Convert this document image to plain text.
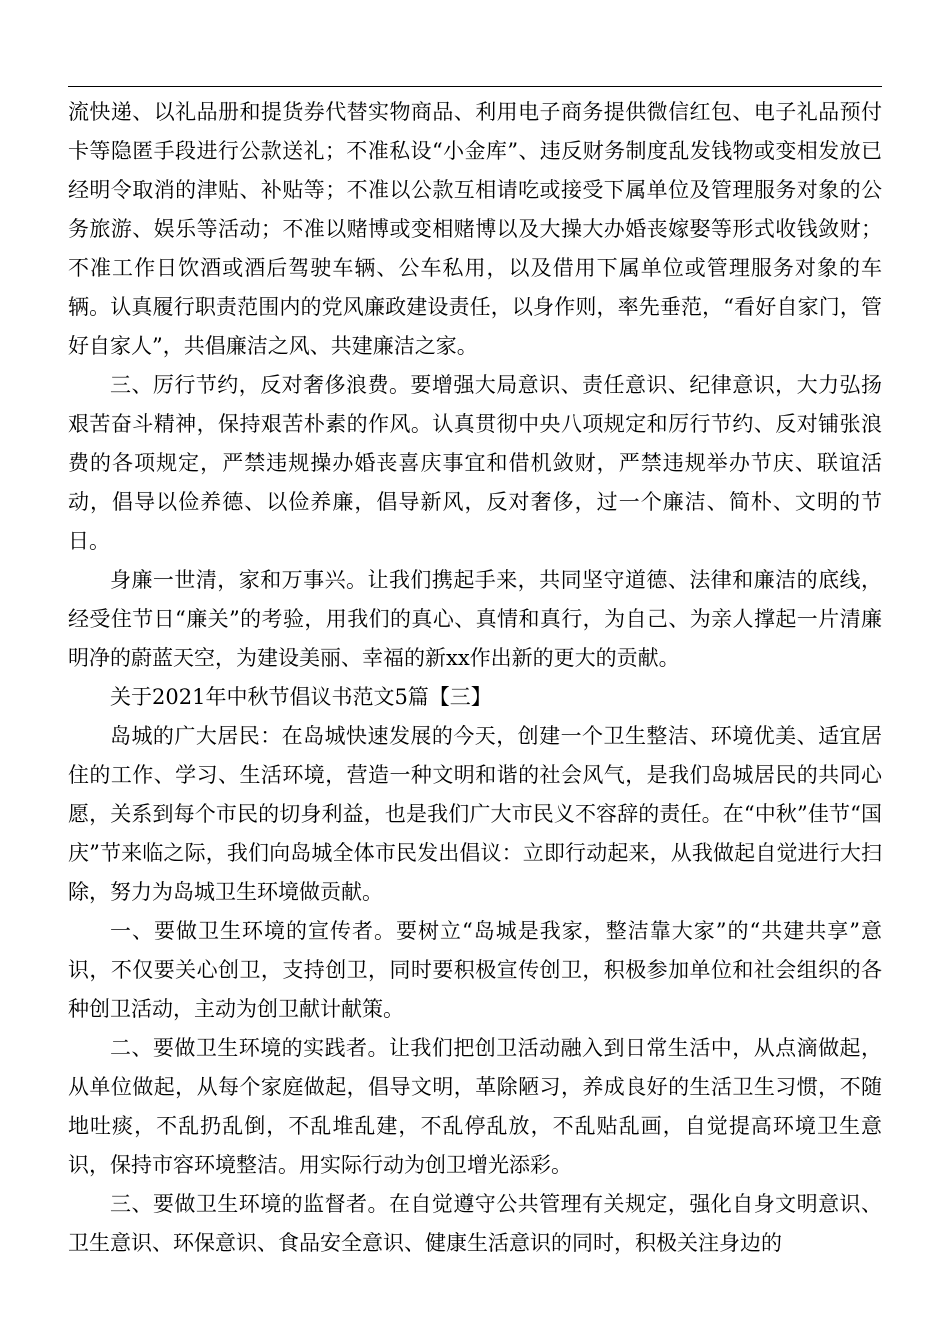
流快递、以礼品册和提货券代替实物商品、利用电子商务提供微信红包、电子礼品预付卡等隐匿手段进行公款送礼；不准私设“小金库”、违反财务制度乱发钱物或变相发放已经明令取消的津贴、补贴等；不准以公款互相请吃或接受下属单位及管理服务对象的公务旅游、娱乐等活动；不准以赌博或变相赌博以及大操大办婚丧嫁娶等形式收钱敛财；不准工作日饮酒或酒后驾驶车辆、公车私用，以及借用下属单位或管理服务对象的车辆。认真履行职责范围内的党风廉政建设责任，以身作则，率先垂范，“看好自家门，管好自家人”，共倡廉洁之风、共建廉洁之家。

三、厉行节约，反对奢侈浪费。要增强大局意识、责任意识、纪律意识，大力弘扬艰苦奋斗精神，保持艰苦朴素的作风。认真贯彻中央八项规定和厉行节约、反对铺张浪费的各项规定，严禁违规操办婚丧喜庆事宜和借机敛财，严禁违规举办节庆、联谊活动，倡导以俭养德、以俭养廉，倡导新风，反对奢侈，过一个廉洁、简朴、文明的节日。

身廉一世清，家和万事兴。让我们携起手来，共同坚守道德、法律和廉洁的底线，经受住节日“廉关”的考验，用我们的真心、真情和真行，为自己、为亲人撑起一片清廉明净的蔚蓝天空，为建设美丽、幸福的新xx作出新的更大的贡献。

关于2021年中秋节倡议书范文5篇【三】

岛城的广大居民：在岛城快速发展的今天，创建一个卫生整洁、环境优美、适宜居住的工作、学习、生活环境，营造一种文明和谐的社会风气，是我们岛城居民的共同心愿，关系到每个市民的切身利益，也是我们广大市民义不容辞的责任。在“中秋”佳节“国庆”节来临之际，我们向岛城全体市民发出倡议：立即行动起来，从我做起自觉进行大扫除，努力为岛城卫生环境做贡献。

一、要做卫生环境的宣传者。要树立“岛城是我家，整洁靠大家”的“共建共享”意识，不仅要关心创卫，支持创卫，同时要积极宣传创卫，积极参加单位和社会组织的各种创卫活动，主动为创卫献计献策。

二、要做卫生环境的实践者。让我们把创卫活动融入到日常生活中，从点滴做起，从单位做起，从每个家庭做起，倡导文明，革除陋习，养成良好的生活卫生习惯，不随地吐痰，不乱扔乱倒，不乱堆乱建，不乱停乱放，不乱贴乱画，自觉提高环境卫生意识，保持市容环境整洁。用实际行动为创卫增光添彩。

三、要做卫生环境的监督者。在自觉遵守公共管理有关规定，强化自身文明意识、卫生意识、环保意识、食品安全意识、健康生活意识的同时，积极关注身边的
